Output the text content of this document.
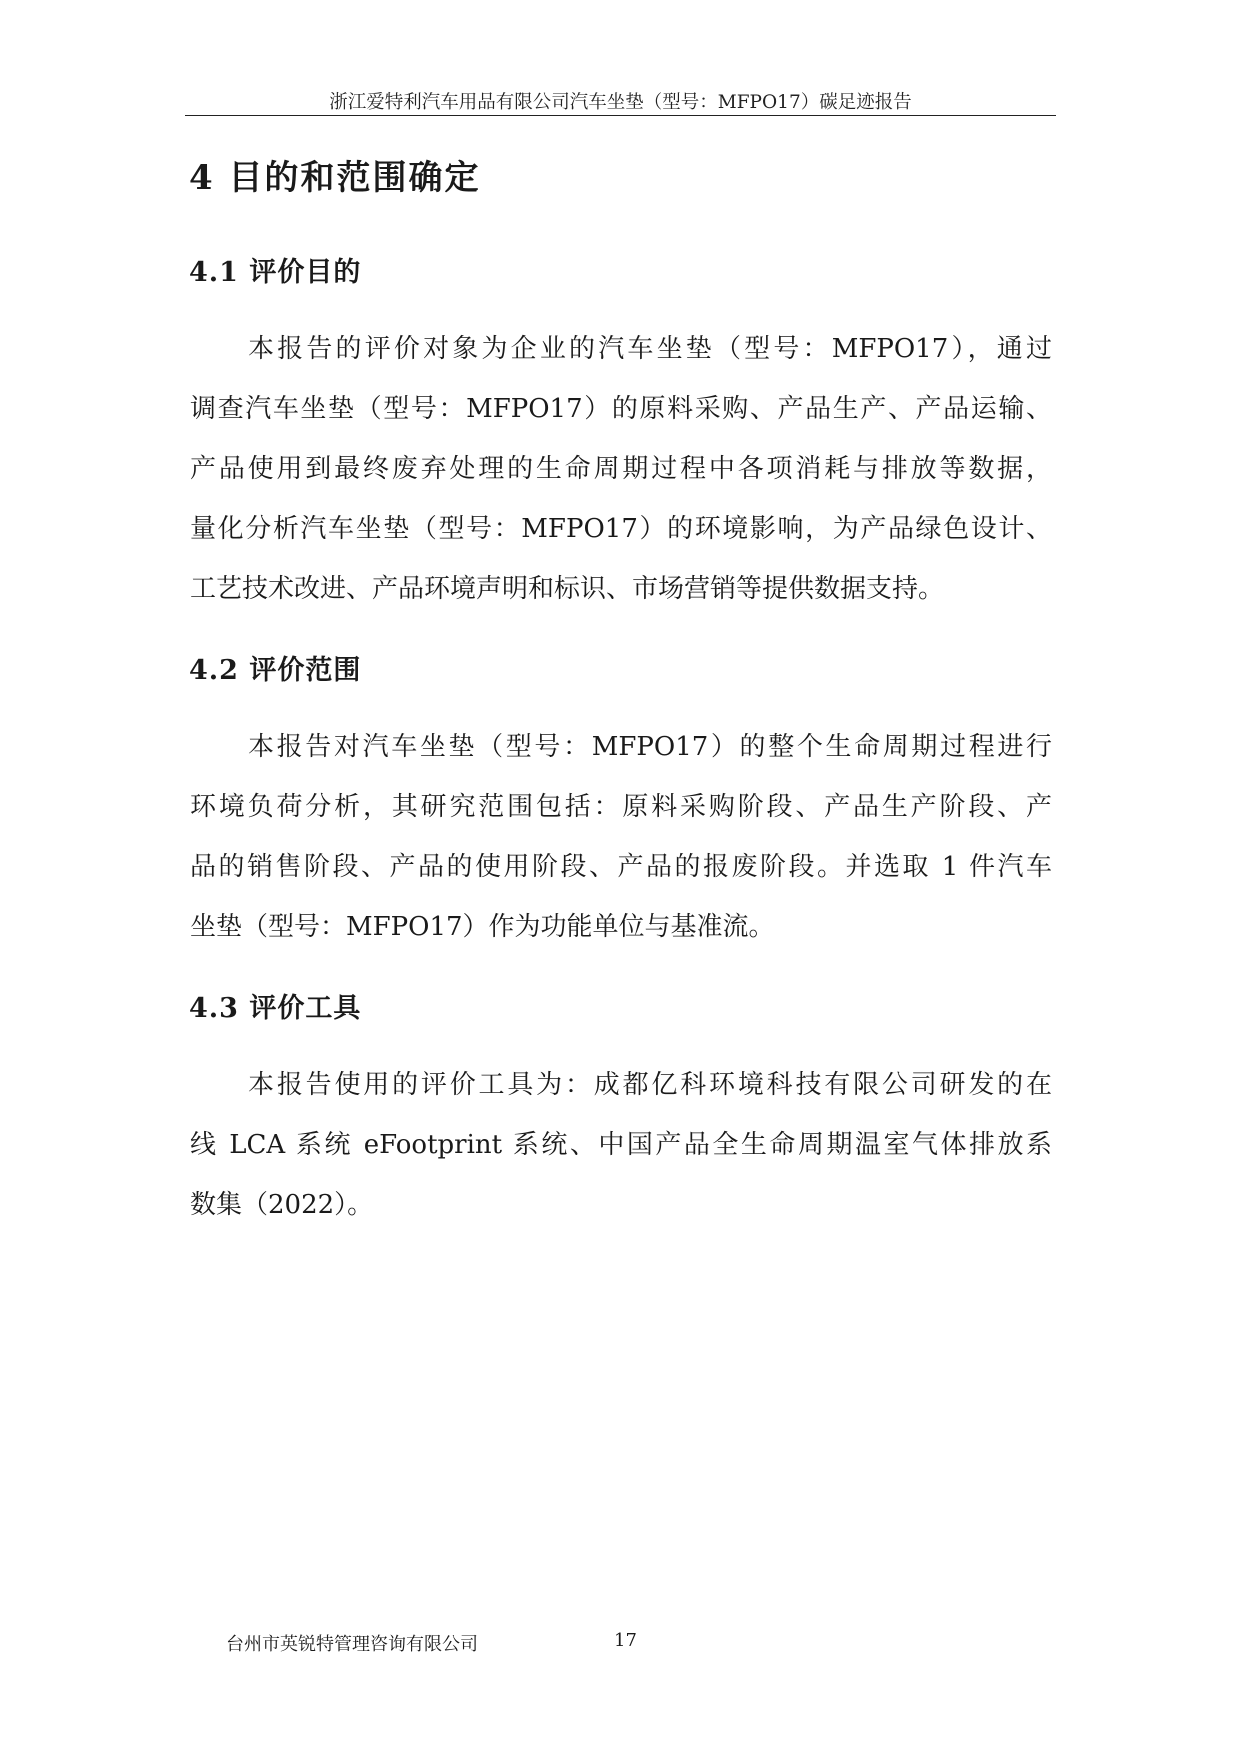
浙江爱特利汽车用品有限公司汽车坐垫（型号：MFPO17）碳足迹报告
4 目的和范围确定
4.1 评价目的
本报告的评价对象为企业的汽车坐垫（型号：MFPO17），通过
调查汽车坐垫（型号：MFPO17）的原料采购、产品生产、产品运输、
产品使用到最终废弃处理的生命周期过程中各项消耗与排放等数据，
量化分析汽车坐垫（型号：MFPO17）的环境影响，为产品绿色设计、
工艺技术改进、产品环境声明和标识、市场营销等提供数据支持。
4.2 评价范围
本报告对汽车坐垫（型号：MFPO17）的整个生命周期过程进行
环境负荷分析，其研究范围包括：原料采购阶段、产品生产阶段、产
品的销售阶段、产品的使用阶段、产品的报废阶段。并选取 1 件汽车
坐垫（型号：MFPO17）作为功能单位与基准流。
4.3 评价工具
本报告使用的评价工具为：成都亿科环境科技有限公司研发的在
线 LCA 系统 eFootprint 系统、中国产品全生命周期温室气体排放系
数集（2022）。
台州市英锐特管理咨询有限公司	17
